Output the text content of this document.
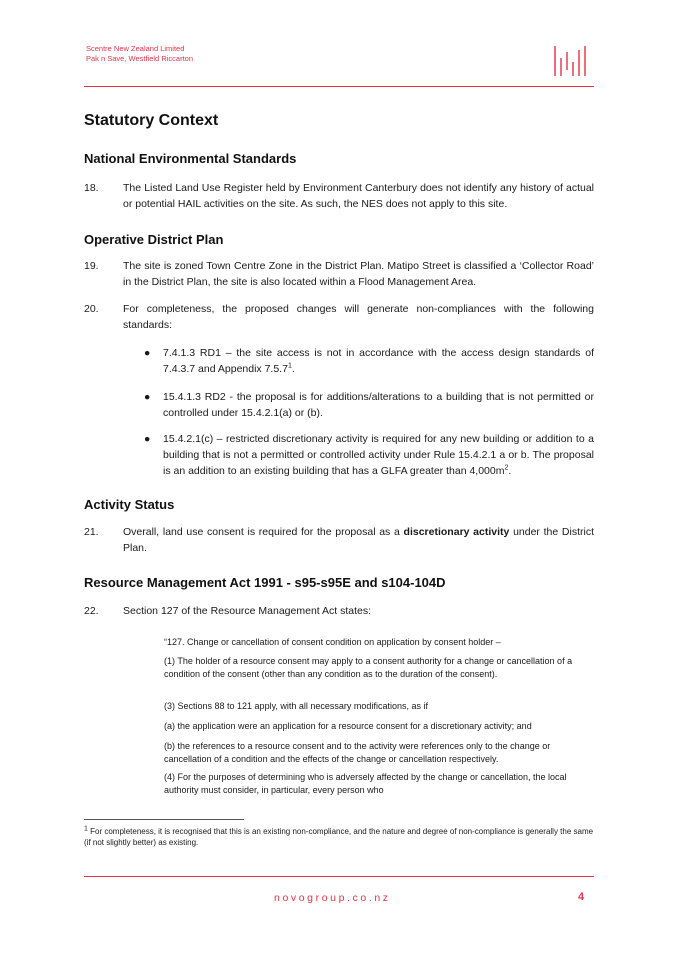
Scentre New Zealand Limited
Pak n Save, Westfield Riccarton
Statutory Context
National Environmental Standards
18. The Listed Land Use Register held by Environment Canterbury does not identify any history of actual or potential HAIL activities on the site. As such, the NES does not apply to this site.
Operative District Plan
19. The site is zoned Town Centre Zone in the District Plan. Matipo Street is classified a ‘Collector Road’ in the District Plan, the site is also located within a Flood Management Area.
20. For completeness, the proposed changes will generate non-compliances with the following standards:
● 7.4.1.3 RD1 – the site access is not in accordance with the access design standards of 7.4.3.7 and Appendix 7.5.7$^1$.
● 15.4.1.3 RD2 - the proposal is for additions/alterations to a building that is not permitted or controlled under 15.4.2.1(a) or (b).
● 15.4.2.1(c) – restricted discretionary activity is required for any new building or addition to a building that is not a permitted or controlled activity under Rule 15.4.2.1 a or b. The proposal is an addition to an existing building that has a GLFA greater than $4,000m^2$.
Activity Status
21. Overall, land use consent is required for the proposal as a discretionary activity under the District Plan.
Resource Management Act 1991 - s95-s95E and s104-104D
22. Section 127 of the Resource Management Act states:
“127. Change or cancellation of consent condition on application by consent holder –
(1) The holder of a resource consent may apply to a consent authority for a change or cancellation of a condition of the consent (other than any condition as to the duration of the consent).
(3) Sections 88 to 121 apply, with all necessary modifications, as if
(a) the application were an application for a resource consent for a discretionary activity; and
(b) the references to a resource consent and to the activity were references only to the change or cancellation of a condition and the effects of the change or cancellation respectively.
(4) For the purposes of determining who is adversely affected by the change or cancellation, the local authority must consider, in particular, every person who
$^1$ For completeness, it is recognised that this is an existing non-compliance, and the nature and degree of non-compliance is generally the same (if not slightly better) as existing.
novogroup.co.nz	4
